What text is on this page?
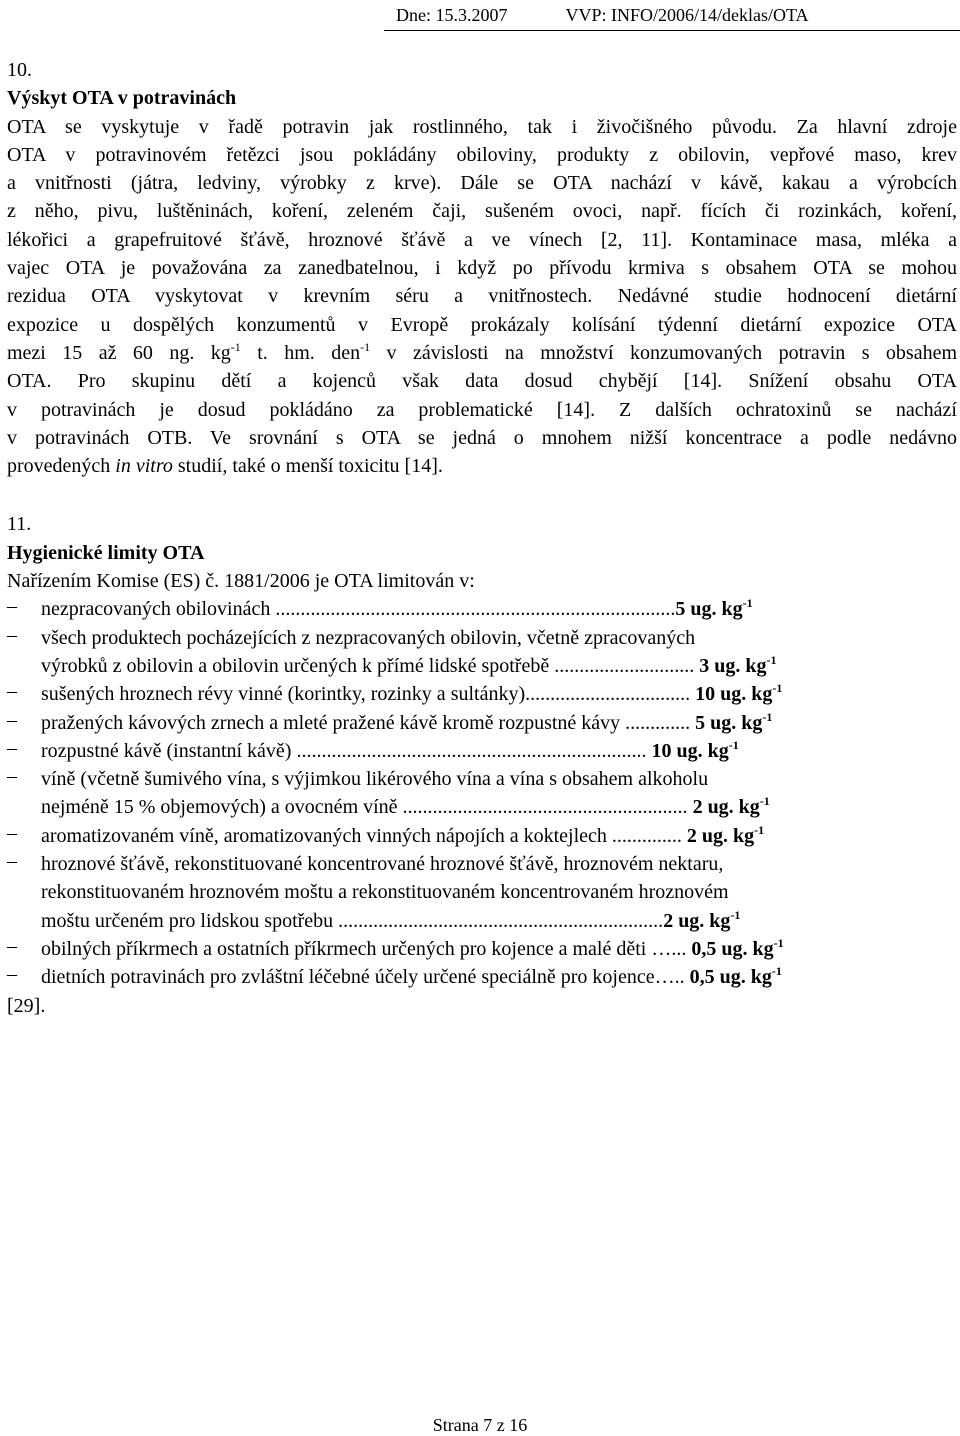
Dne: 15.3.2007	VVP: INFO/2006/14/deklas/OTA
10.
Výskyt OTA v potravinách
OTA se vyskytuje v řadě potravin jak rostlinného, tak i živočišného původu. Za hlavní zdroje
OTA v potravinovém řetězci jsou pokládány obiloviny, produkty z obilovin, vepřové maso, krev
a vnitřnosti (játra, ledviny, výrobky z krve). Dále se OTA nachází v kávě, kakau a výrobcích
z něho, pivu, luštěninách, koření, zeleném čaji, sušeném ovoci, např. fících či rozinkách, koření,
lékořici a grapefruitové šťávě, hroznové šťávě a ve vínech [2, 11]. Kontaminace masa, mléka a
vajec OTA je považována za zanedbatelnou, i když po přívodu krmiva s obsahem OTA se mohou
rezidua OTA vyskytovat v krevním séru a vnitřnostech. Nedávné studie hodnocení dietární
expozice u dospělých konzumentů v Evropě prokázaly kolísání týdenní dietární expozice OTA
mezi 15 až 60 ng. $kg^{-1}$ t. hm. den$^{-1}$ v závislosti na množství konzumovaných potravin s obsahem
OTA. Pro skupinu dětí a kojenců však data dosud chybějí [14]. Snížení obsahu OTA
v potravinách je dosud pokládáno za problematické [14]. Z dalších ochratoxinů se nachází
v potravinách OTB. Ve srovnání s OTA se jedná o mnohem nižší koncentrace a podle nedávno
provedených in vitro studií, také o menší toxicitu [14].
11.
Hygienické limity OTA
Nařízením Komise (ES) č. 1881/2006 je OTA limitován v:
–	nezpracovaných obilovinách ................................................................................5 ug. $kg^{-1}$
–	všech produktech pocházejících z nezpracovaných obilovin, včetně zpracovaných
výrobků z obilovin a obilovin určených k přímé lidské spotřebě ............................ 3 ug. $kg^{-1}$
–	sušených hroznech révy vinné (korintky, rozinky a sultánky)................................. 10 ug. $kg^{-1}$
–	pražených kávových zrnech a mleté pražené kávě kromě rozpustné kávy ............. 5 ug. $kg^{-1}$
–	rozpustné kávě (instantní kávě) ...................................................................... 10 ug. $kg^{-1}$
–	víně (včetně šumivého vína, s výjimkou likérového vína a vína s obsahem alkoholu
nejméně 15 % objemových) a ovocném víně ......................................................... 2 ug. $kg^{-1}$
–	aromatizovaném víně, aromatizovaných vinných nápojích a koktejlech .............. 2 ug. $kg^{-1}$
–	hroznové šťávě, rekonstituované koncentrované hroznové šťávě, hroznovém nektaru,
rekonstituovaném hroznovém moštu a rekonstituovaném koncentrovaném hroznovém
moštu určeném pro lidskou spotřebu .................................................................2 ug. $kg^{-1}$
–	obilných příkrmech a ostatních příkrmech určených pro kojence a malé děti …... 0,5 ug. $kg^{-1}$
–	dietních potravinách pro zvláštní léčebné účely určené speciálně pro kojence….. 0,5 ug. $kg^{-1}$
[29].
Strana 7 z 16
